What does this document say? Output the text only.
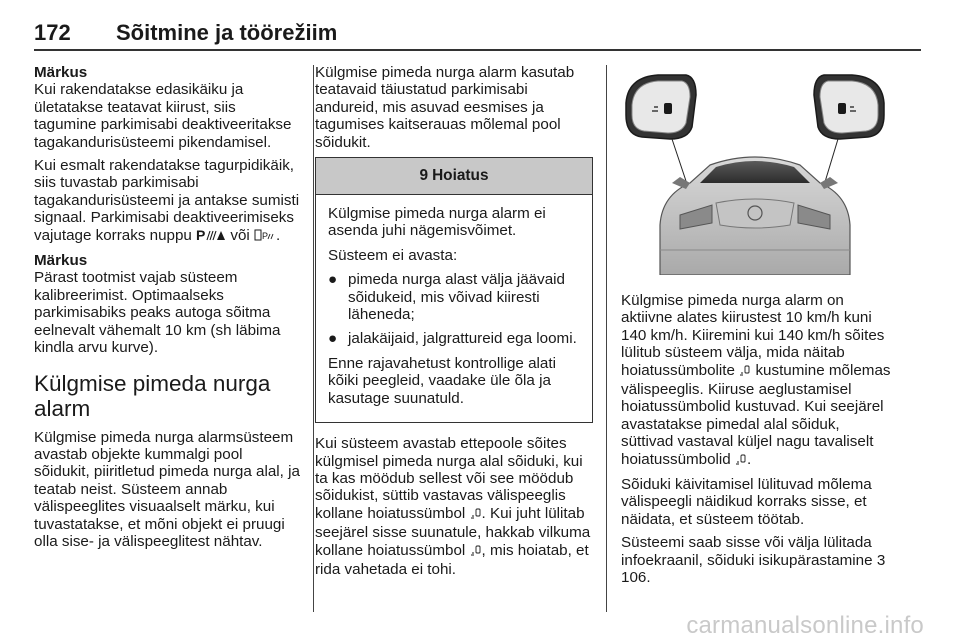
172 Sõitmine ja töörežiim

Märkus

Kui rakendatakse edasikäiku ja ületatakse teatavat kiirust, siis tagumine parkimisabi deaktiveeritakse tagakandurisüsteemi pikendamisel.

Kui esmalt rakendatakse tagurpidikäik, siis tuvastab parkimisabi tagakandurisüsteemi ja antakse sumisti signaal. Parkimisabi deaktiveerimiseks vajutage korraks nuppu P või P .

Märkus

Pärast tootmist vajab süsteem kalibreerimist. Optimaalseks parkimisabiks peaks autoga sõitma eelnevalt vähemalt 10 km (sh läbima kindla arvu kurve).

Külgmise pimeda nurga alarm

Külgmise pimeda nurga alarmsüsteem avastab objekte kummalgi pool sõidukit, piiritletud pimeda nurga alal, ja teatab neist. Süsteem annab välispeeglites visuaalselt märku, kui tuvastatakse, et mõni objekt ei pruugi olla sise- ja välispeeglitest nähtav.

Külgmise pimeda nurga alarm kasutab teatavaid täiustatud parkimisabi andureid, mis asuvad eesmises ja tagumises kaitserauas mõlemal pool sõidukit.

9 Hoiatus

Külgmise pimeda nurga alarm ei asenda juhi nägemisvõimet.

Süsteem ei avasta:

● pimeda nurga alast välja jäävaid sõidukeid, mis võivad kiiresti läheneda;
● jalakäijaid, jalgrattureid ega loomi.

Enne rajavahetust kontrollige alati kõiki peegleid, vaadake üle õla ja kasutage suunatuld.

Kui süsteem avastab ettepoole sõites külgmisel pimeda nurga alal sõiduki, kui ta kas möödub sellest või see möödub sõidukist, süttib vastavas välispeeglis kollane hoiatussümbol . Kui juht lülitab seejärel sisse suunatule, hakkab vilkuma kollane hoiatussümbol , mis hoiatab, et rida vahetada ei tohi.

Külgmise pimeda nurga alarm on aktiivne alates kiirustest 10 km/h kuni 140 km/h. Kiiremini kui 140 km/h sõites lülitub süsteem välja, mida näitab hoiatussümbolite kustumine mõlemas välispeeglis. Kiiruse aeglustamisel hoiatussümbolid kustuvad. Kui seejärel avastatakse pimedal alal sõiduk, süttivad vastaval küljel nagu tavaliselt hoiatussümbolid .

Sõiduki käivitamisel lülituvad mõlema välispeegli näidikud korraks sisse, et näidata, et süsteem töötab.

Süsteemi saab sisse või välja lülitada infoekraanil, sõiduki isikupärastamine 3 106.

carmanualsonline.info
